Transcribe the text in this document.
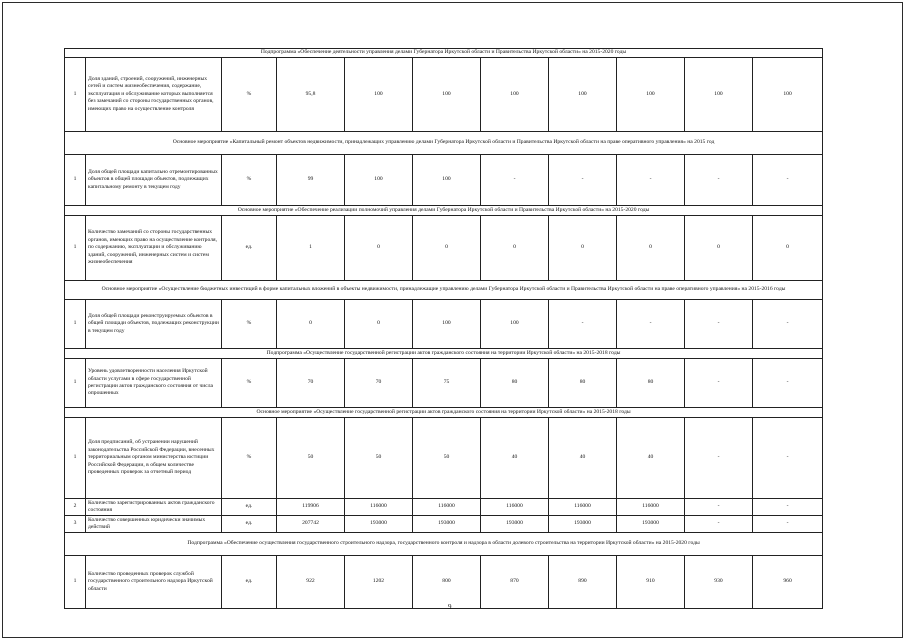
Подпрограмма «Обеспечение деятельности управления делами Губернатора Иркутской области и Правительства Иркутской области» на 2015-2020 годы										
1	Доля зданий, строений, сооружений, инженерных сетей и систем жизнеобеспечения, содержание, эксплуатация и обслуживание которых выполняется без замечаний со стороны государственных органов, имеющих право на осуществление контроля	%	95,8	100	100	100	100	100	100	100
Основное мероприятие «Капитальный ремонт объектов недвижимости, принадлежащих управлению делами Губернатора Иркутской области и Правительства Иркутской области на праве оперативного управления» на 2015 год										
1	Доля общей площади капитально отремонтированных объектов в общей площади объектов, подлежащих капитальному ремонту в текущем году	%	99	100	100	-	-	-	-	-
Основное мероприятие «Обеспечение реализации полномочий управления делами Губернатора Иркутской области и Правительства Иркутской области» на 2015-2020 годы										
1	Количество замечаний со стороны государственных органов, имеющих право на осуществление контроля, по содержанию, эксплуатации и обслуживанию зданий, сооружений, инженерных систем и систем жизнеобеспечения	ед.	1	0	0	0	0	0	0	0
Основное мероприятие «Осуществление бюджетных инвестиций в форме капитальных вложений в объекты недвижимости, принадлежащие управлению делами Губернатора Иркутской области и Правительства Иркутской области на праве оперативного управления» на 2015-2016 годы										
1	Доля общей площади реконструируемых объектов в общей площади объектов, подлежащих реконструкции в текущем году	%	0	0	100	100	-	-	-	-
Подпрограмма «Осуществление государственной регистрации актов гражданского состояния на территории Иркутской области» на 2015-2018 годы										
1	Уровень удовлетворенности населения Иркутской области услугами в сфере государственной регистрации актов гражданского состояния от числа опрошенных	%	70	70	75	80	80	80	-	-
Основное мероприятие «Осуществление государственной регистрации актов гражданского состояния на территории Иркутской области» на 2015-2018 годы										
1	Доля предписаний, об устранении нарушений законодательства Российской Федерации, внесенных территориальным органом министерства юстиции Российской Федерации, в общем количестве проведенных проверок за отчетный период	%	50	50	50	40	40	40	-	-
2	Количество зарегистрированных актов гражданского состояния	ед.	119906	116000	116000	116000	116000	116000	-	-
3	Количество совершенных юридически значимых действий	ед.	207742	193000	193000	193000	193000	193000	-	-
Подпрограмма «Обеспечение осуществления государственного строительного надзора, государственного контроля и надзора в области долевого строительства на территории Иркутской области» на 2015-2020 годы										
1	Количество проведенных проверок службой государственного строительного надзора Иркутской области	ед.	922	1202	800	870	890	910	930	960
9
